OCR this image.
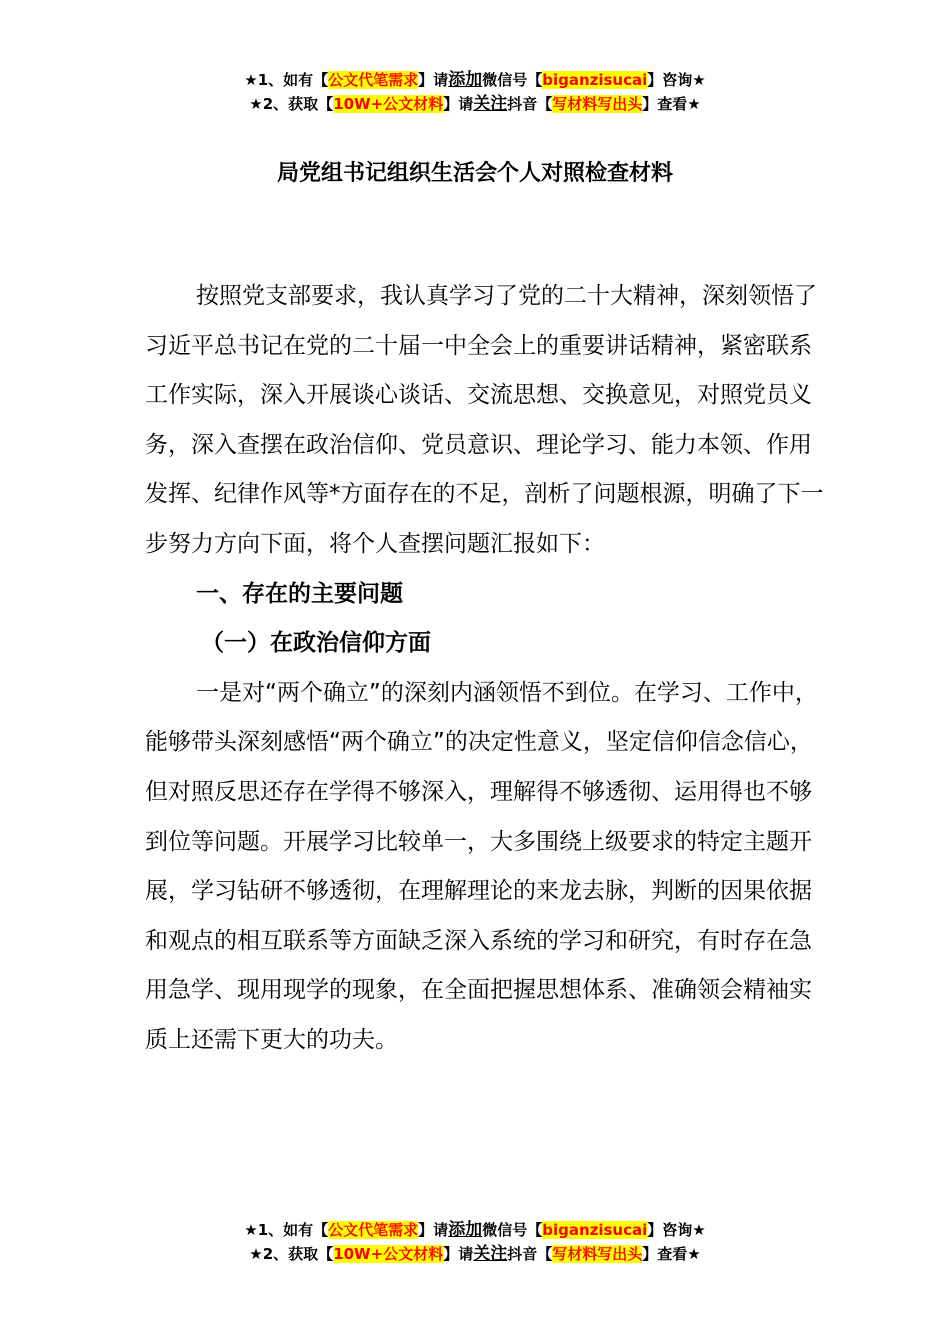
★1、如有【公文代笔需求】请添加微信号【biganzisucai】咨询★
★2、获取【10W+公文材料】请关注抖音【写材料写出头】查看★
局党组书记组织生活会个人对照检查材料

按照党支部要求，我认真学习了党的二十大精神，深刻领悟了习近平总书记在党的二十届一中全会上的重要讲话精神，紧密联系工作实际，深入开展谈心谈话、交流思想、交换意见，对照党员义务，深入查摆在政治信仰、党员意识、理论学习、能力本领、作用发挥、纪律作风等*方面存在的不足，剖析了问题根源，明确了下一步努力方向下面，将个人查摆问题汇报如下：

一、存在的主要问题

（一）在政治信仰方面

一是对“两个确立”的深刻内涵领悟不到位。在学习、工作中，能够带头深刻感悟“两个确立”的决定性意义，坚定信仰信念信心，但对照反思还存在学得不够深入，理解得不够透彻、运用得也不够到位等问题。开展学习比较单一，大多围绕上级要求的特定主题开展，学习钻研不够透彻，在理解理论的来龙去脉，判断的因果依据和观点的相互联系等方面缺乏深入系统的学习和研究，有时存在急用急学、现用现学的现象，在全面把握思想体系、准确领会精袖实质上还需下更大的功夫。

★1、如有【公文代笔需求】请添加微信号【biganzisucai】咨询★
★2、获取【10W+公文材料】请关注抖音【写材料写出头】查看★
